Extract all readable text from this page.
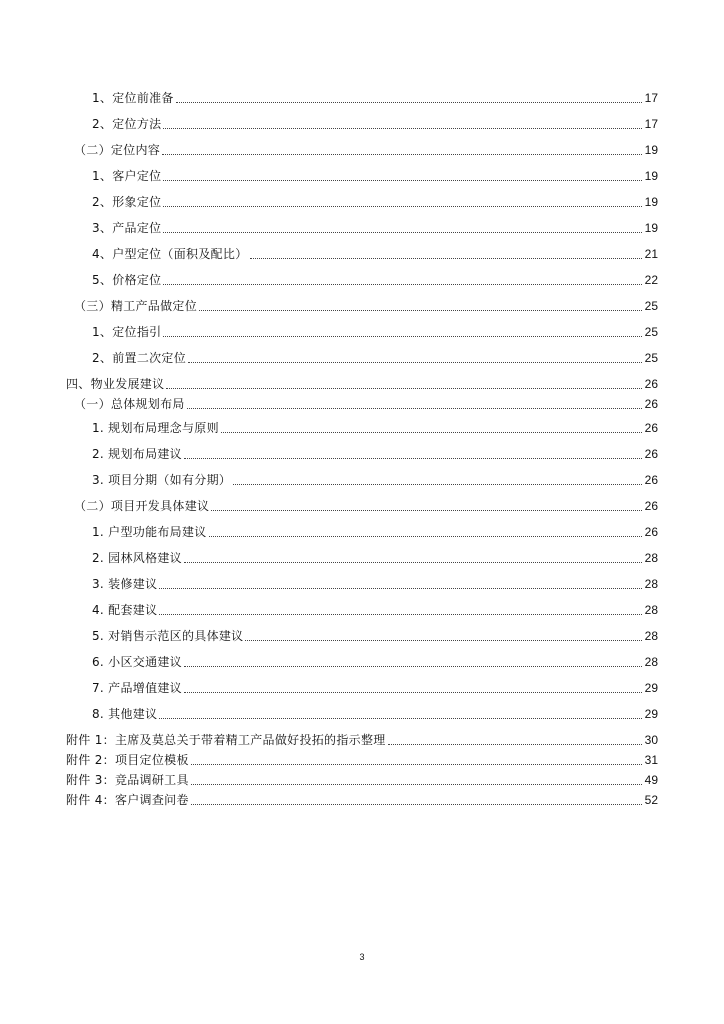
1、定位前准备	17
2、定位方法	17
（二）定位内容	19
1、客户定位	19
2、形象定位	19
3、产品定位	19
4、户型定位（面积及配比）	21
5、价格定位	22
（三）精工产品做定位	25
1、定位指引	25
2、前置二次定位	25
四、物业发展建议	26
（一）总体规划布局	26
1. 规划布局理念与原则	26
2. 规划布局建议	26
3. 项目分期（如有分期）	26
（二）项目开发具体建议	26
1. 户型功能布局建议	26
2. 园林风格建议	28
3. 装修建议	28
4. 配套建议	28
5. 对销售示范区的具体建议	28
6. 小区交通建议	28
7. 产品增值建议	29
8. 其他建议	29
附件 1：主席及莫总关于带着精工产品做好投拓的指示整理	30
附件 2：项目定位模板	31
附件 3：竞品调研工具	49
附件 4：客户调查问卷	52
3
